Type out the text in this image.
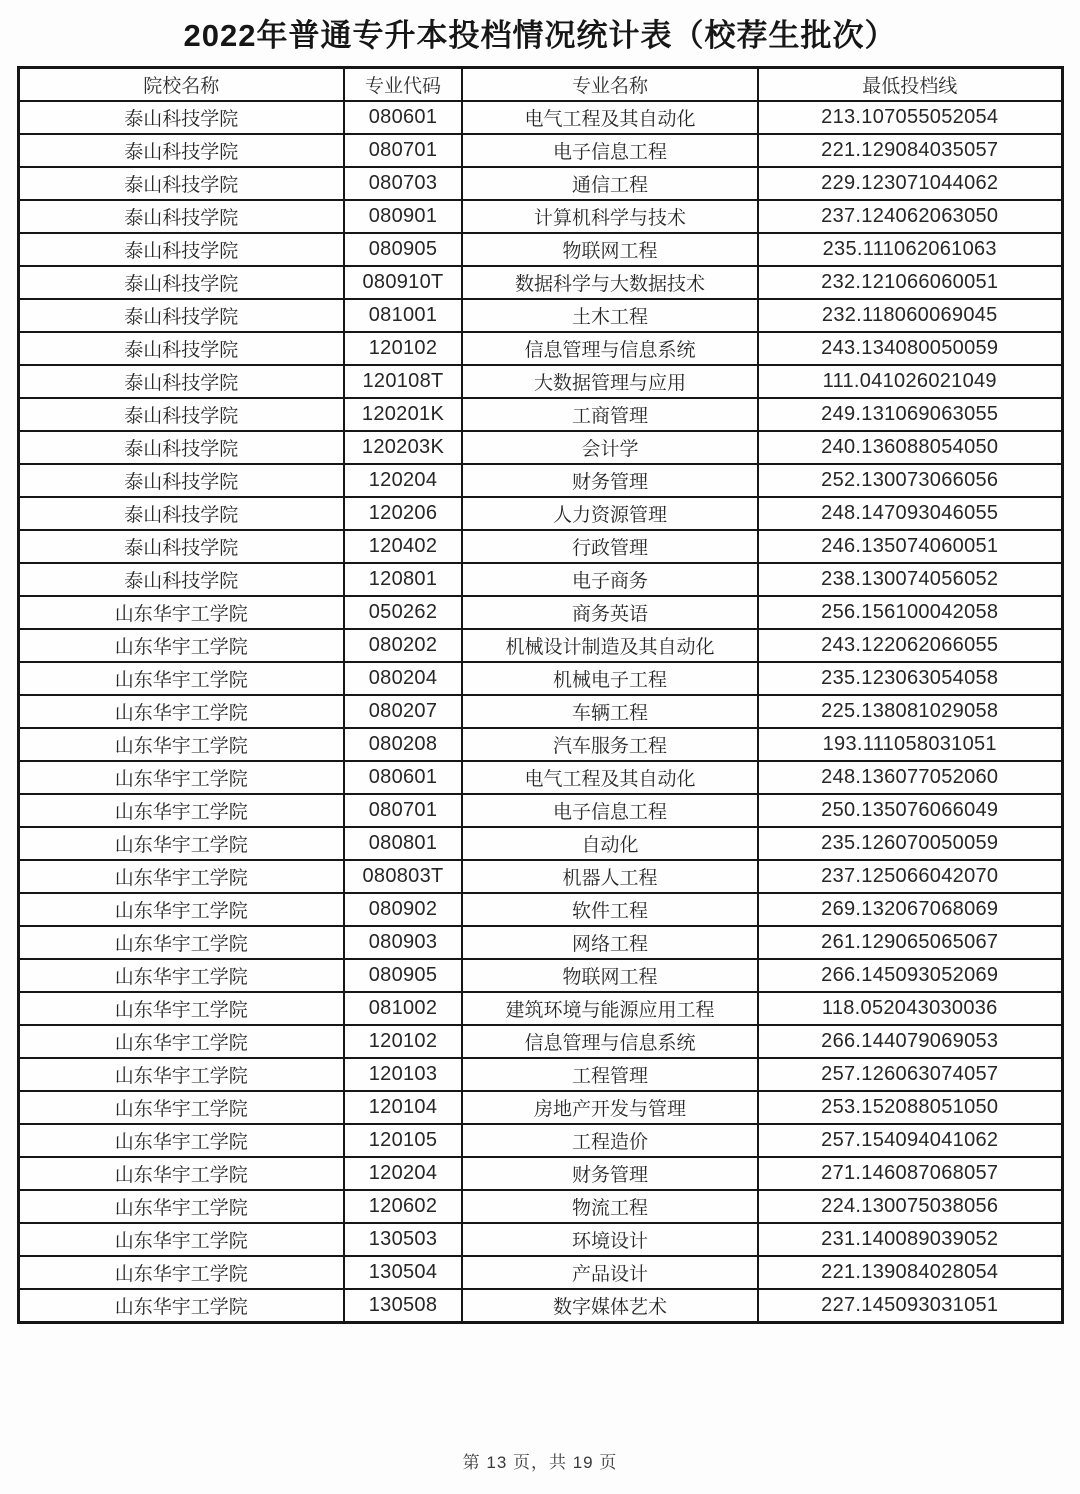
2022年普通专升本投档情况统计表（校荐生批次）
院校名称	专业代码	专业名称	最低投档线
泰山科技学院	080601	电气工程及其自动化	213.107055052054
泰山科技学院	080701	电子信息工程	221.129084035057
泰山科技学院	080703	通信工程	229.123071044062
泰山科技学院	080901	计算机科学与技术	237.124062063050
泰山科技学院	080905	物联网工程	235.111062061063
泰山科技学院	080910T	数据科学与大数据技术	232.121066060051
泰山科技学院	081001	土木工程	232.118060069045
泰山科技学院	120102	信息管理与信息系统	243.134080050059
泰山科技学院	120108T	大数据管理与应用	111.041026021049
泰山科技学院	120201K	工商管理	249.131069063055
泰山科技学院	120203K	会计学	240.136088054050
泰山科技学院	120204	财务管理	252.130073066056
泰山科技学院	120206	人力资源管理	248.147093046055
泰山科技学院	120402	行政管理	246.135074060051
泰山科技学院	120801	电子商务	238.130074056052
山东华宇工学院	050262	商务英语	256.156100042058
山东华宇工学院	080202	机械设计制造及其自动化	243.122062066055
山东华宇工学院	080204	机械电子工程	235.123063054058
山东华宇工学院	080207	车辆工程	225.138081029058
山东华宇工学院	080208	汽车服务工程	193.111058031051
山东华宇工学院	080601	电气工程及其自动化	248.136077052060
山东华宇工学院	080701	电子信息工程	250.135076066049
山东华宇工学院	080801	自动化	235.126070050059
山东华宇工学院	080803T	机器人工程	237.125066042070
山东华宇工学院	080902	软件工程	269.132067068069
山东华宇工学院	080903	网络工程	261.129065065067
山东华宇工学院	080905	物联网工程	266.145093052069
山东华宇工学院	081002	建筑环境与能源应用工程	118.052043030036
山东华宇工学院	120102	信息管理与信息系统	266.144079069053
山东华宇工学院	120103	工程管理	257.126063074057
山东华宇工学院	120104	房地产开发与管理	253.152088051050
山东华宇工学院	120105	工程造价	257.154094041062
山东华宇工学院	120204	财务管理	271.146087068057
山东华宇工学院	120602	物流工程	224.130075038056
山东华宇工学院	130503	环境设计	231.140089039052
山东华宇工学院	130504	产品设计	221.139084028054
山东华宇工学院	130508	数字媒体艺术	227.145093031051
第 13 页，共 19 页
